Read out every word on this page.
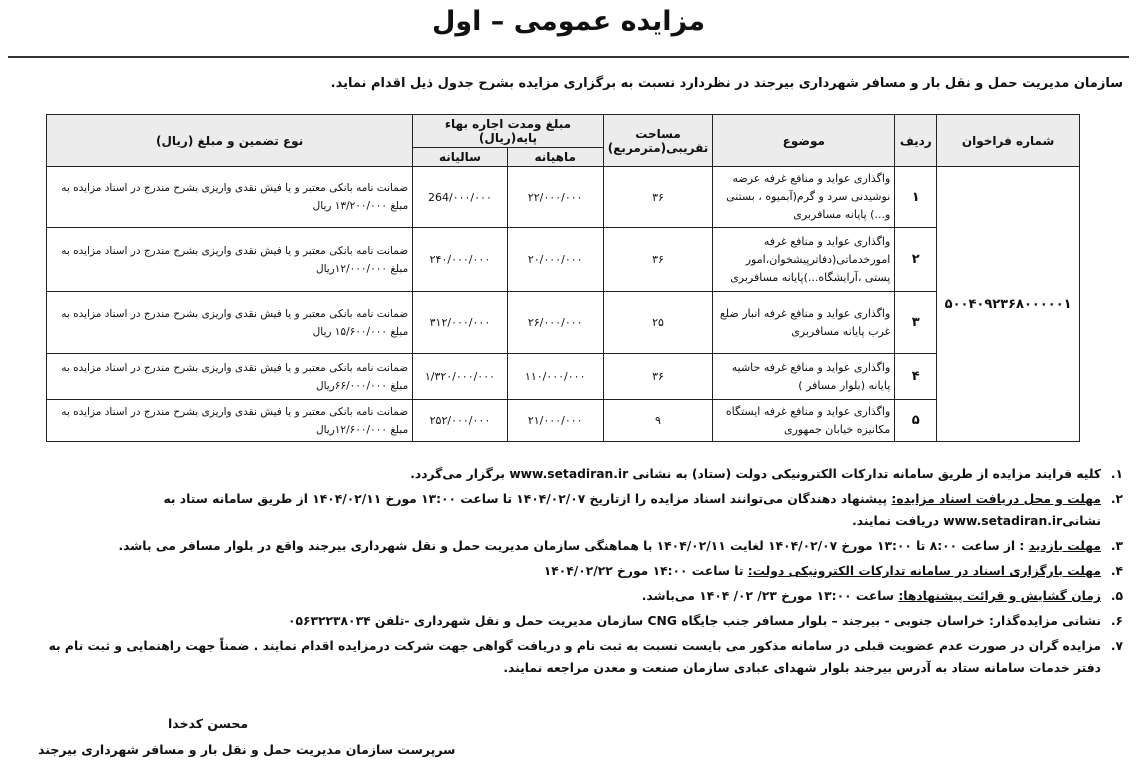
مزایده عمومی – اول
سازمان مدیریت حمل و نقل بار و مسافر شهرداری بیرجند در نظردارد نسبت به برگزاری مزایده بشرح جدول ذیل اقدام نماید.
شماره فراخوان	ردیف	موضوع	مساحت تقریبی(مترمربع)	مبلغ ومدت اجاره بهاء پایه(ریال)		نوع تضمین و مبلغ (ریال)
				ماهیانه	سالیانه	
۵۰۰۴۰۹۲۳۶۸۰۰۰۰۰۱	۱	واگذاری عواید و منافع غرفه عرضه نوشیدنی سرد و گرم(آبمیوه ، بستنی و...) پایانه مسافربری	۳۶	۲۲/۰۰۰/۰۰۰	264/۰۰۰/۰۰۰	ضمانت نامه بانکی معتبر و یا فیش نقدی واریزی بشرح مندرج در اسناد مزایده به مبلغ ۱۳/۲۰۰/۰۰۰ ریال
	۲	واگذاری عواید و منافع غرفه امورخدماتی(دفاترپیشخوان،امور پستی ،آرایشگاه...)پایانه مسافربری	۳۶	۲۰/۰۰۰/۰۰۰	۲۴۰/۰۰۰/۰۰۰	ضمانت نامه بانکی معتبر و یا فیش نقدی واریزی بشرح مندرج در اسناد مزایده به مبلغ ۱۲/۰۰۰/۰۰۰ریال
	۳	واگذاری عواید و منافع غرفه انبار ضلع غرب پایانه مسافربری	۲۵	۲۶/۰۰۰/۰۰۰	۳۱۲/۰۰۰/۰۰۰	ضمانت نامه بانکی معتبر و یا فیش نقدی واریزی بشرح مندرج در اسناد مزایده به مبلغ ۱۵/۶۰۰/۰۰۰ ریال
	۴	واگذاری عواید و منافع غرفه حاشیه پایانه (بلوار مسافر )	۳۶	۱۱۰/۰۰۰/۰۰۰	۱/۳۲۰/۰۰۰/۰۰۰	ضمانت نامه بانکی معتبر و یا فیش نقدی واریزی بشرح مندرج در اسناد مزایده به مبلغ ۶۶/۰۰۰/۰۰۰ریال
	۵	واگذاری عواید و منافع غرفه ایستگاه مکانیزه خیابان جمهوری	۹	۲۱/۰۰۰/۰۰۰	۲۵۲/۰۰۰/۰۰۰	ضمانت نامه بانکی معتبر و یا فیش نقدی واریزی بشرح مندرج در اسناد مزایده به مبلغ ۱۲/۶۰۰/۰۰۰ریال
۱.
کلیه فرایند مزایده از طریق سامانه تدارکات الکترونیکی دولت (ستاد) به نشانی www.setadiran.ir برگزار می‌گردد.
۲.
مهلت و محل دریافت اسناد مزایده: پیشنهاد دهندگان می‌توانند اسناد مزایده را ازتاریخ ۱۴۰۴/۰۲/۰۷ تا ساعت ۱۳:۰۰ مورخ ۱۴۰۴/۰۲/۱۱ از طریق سامانه ستاد به نشانیwww.setadiran.ir دریافت نمایند.
۳.
مهلت بازدید : از ساعت ۸:۰۰ تا ۱۳:۰۰ مورخ ۱۴۰۴/۰۲/۰۷ لغایت ۱۴۰۴/۰۲/۱۱ با هماهنگی سازمان مدیریت حمل و نقل شهرداری بیرجند واقع در بلوار مسافر می باشد.
۴.
مهلت بارگزاری اسناد در سامانه تدارکات الکترونیکی دولت: تا ساعت ۱۴:۰۰ مورخ ۱۴۰۴/۰۲/۲۲
۵.
زمان گشایش و قرائت پیشنهادها: ساعت ۱۳:۰۰ مورخ ۲۳/ ۰۲/ ۱۴۰۴ می‌باشد.
۶.
نشانی مزایده‌گذار: خراسان جنوبی - بیرجند – بلوار مسافر جنب جایگاه CNG سازمان مدیریت حمل و نقل شهرداری -تلفن ۰۵۶۳۲۲۳۸۰۳۴
۷.
مزایده گران در صورت عدم عضویت قبلی در سامانه مذکور می بایست نسبت به ثبت نام و دریافت گواهی جهت شرکت درمزایده اقدام نمایند . ضمناً جهت راهنمایی و ثبت نام به دفتر خدمات سامانه ستاد به آدرس بیرجند بلوار شهدای عبادی سازمان صنعت و معدن مراجعه نمایند.
محسن کدخدا
سرپرست سازمان مدیریت حمل و نقل بار و مسافر شهرداری بیرجند
